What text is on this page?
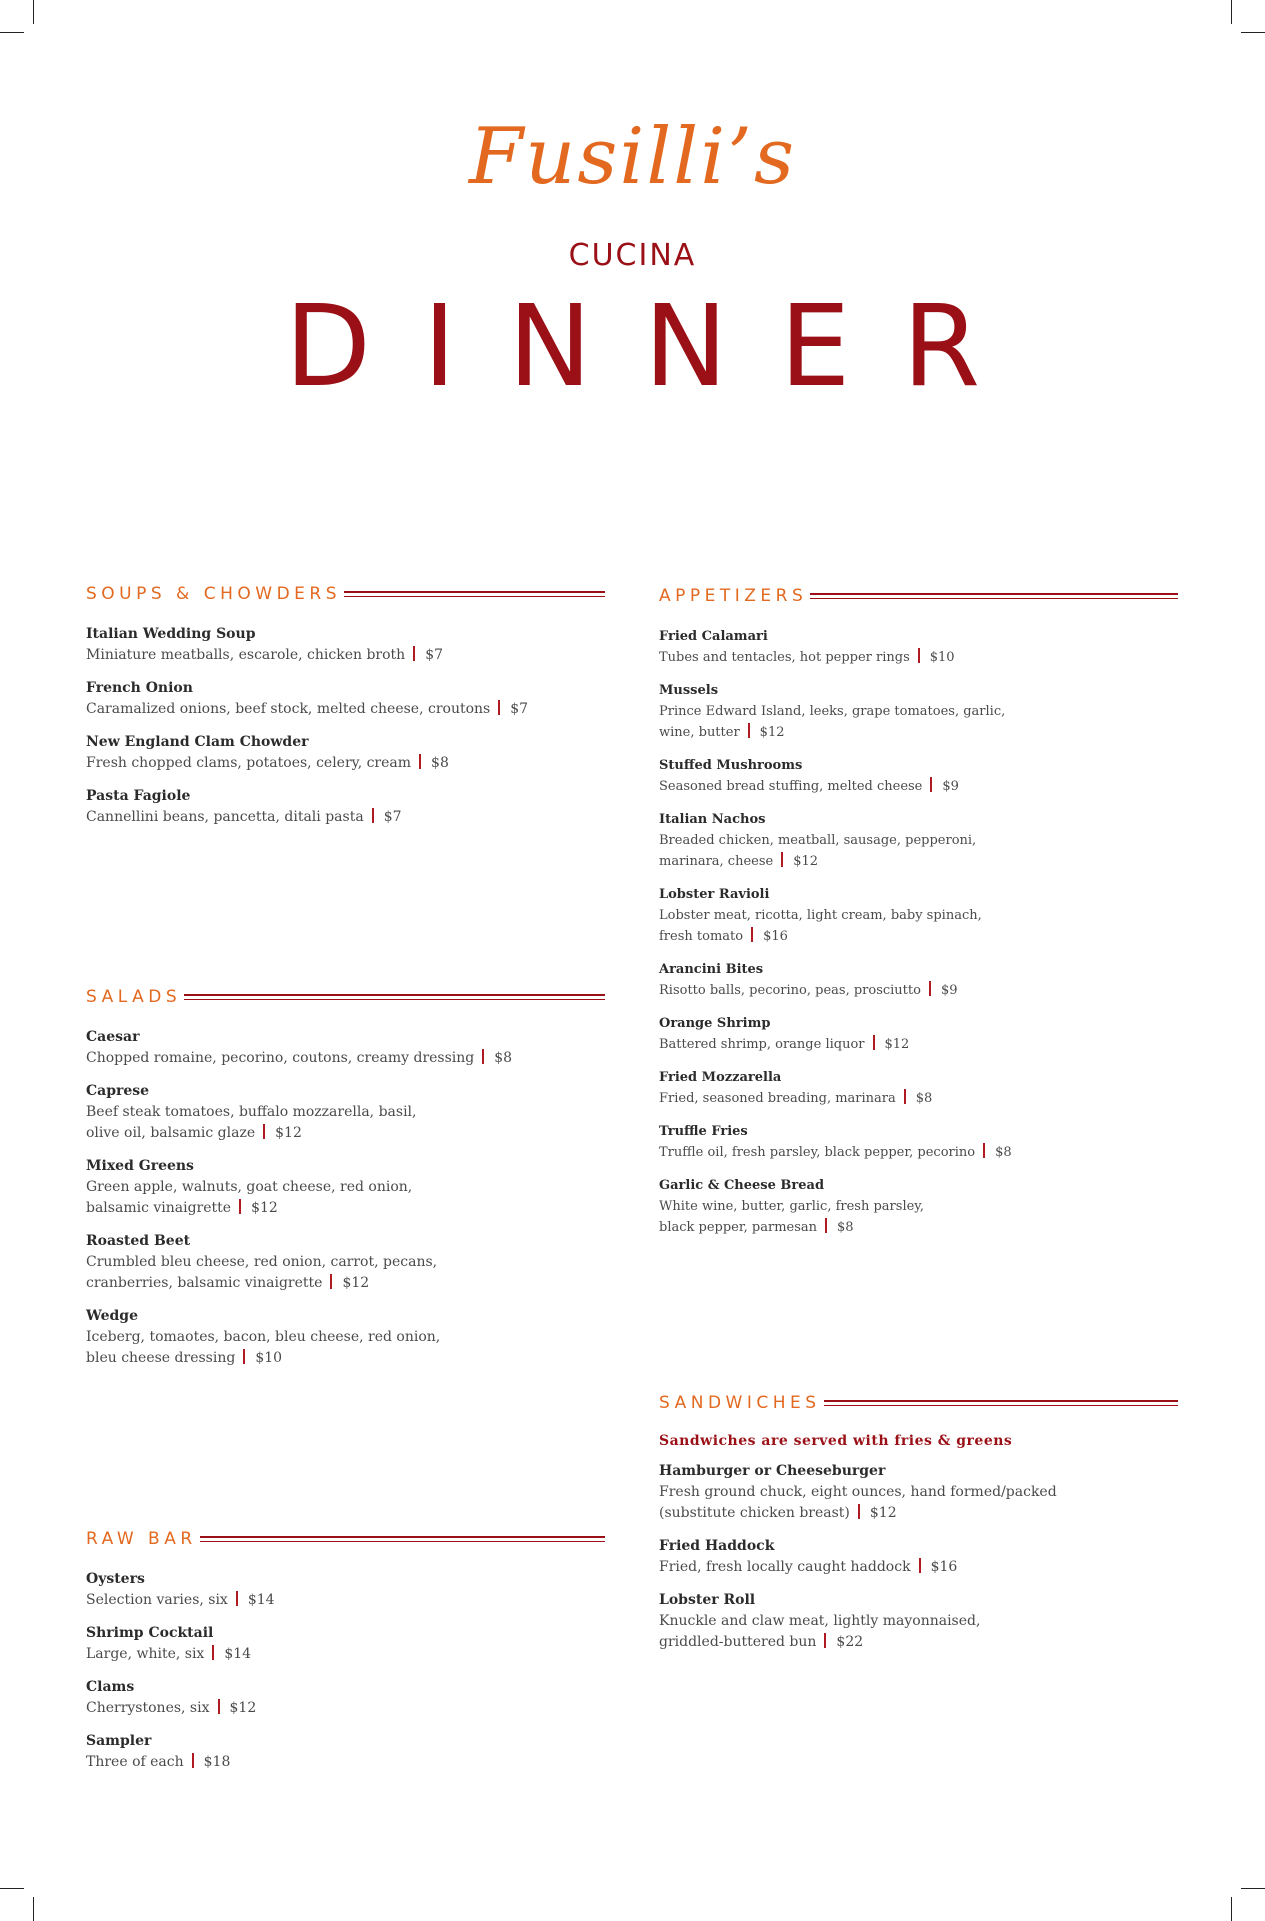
Fusilli’s
CUCINA
DINNER
SOUPS & CHOWDERS
Italian Wedding Soup
Miniature meatballs, escarole, chicken broth $7
French Onion
Caramalized onions, beef stock, melted cheese, croutons $7
New England Clam Chowder
Fresh chopped clams, potatoes, celery, cream $8
Pasta Fagiole
Cannellini beans, pancetta, ditali pasta $7
SALADS
Caesar
Chopped romaine, pecorino, coutons, creamy dressing $8
Caprese
Beef steak tomatoes, buffalo mozzarella, basil,
olive oil, balsamic glaze $12
Mixed Greens
Green apple, walnuts, goat cheese, red onion,
balsamic vinaigrette $12
Roasted Beet
Crumbled bleu cheese, red onion, carrot, pecans,
cranberries, balsamic vinaigrette $12
Wedge
Iceberg, tomaotes, bacon, bleu cheese, red onion,
bleu cheese dressing $10
RAW BAR
Oysters
Selection varies, six $14
Shrimp Cocktail
Large, white, six $14
Clams
Cherrystones, six $12
Sampler
Three of each $18
APPETIZERS
Fried Calamari
Tubes and tentacles, hot pepper rings $10
Mussels
Prince Edward Island, leeks, grape tomatoes, garlic,
wine, butter $12
Stuffed Mushrooms
Seasoned bread stuffing, melted cheese $9
Italian Nachos
Breaded chicken, meatball, sausage, pepperoni,
marinara, cheese $12
Lobster Ravioli
Lobster meat, ricotta, light cream, baby spinach,
fresh tomato $16
Arancini Bites
Risotto balls, pecorino, peas, prosciutto $9
Orange Shrimp
Battered shrimp, orange liquor $12
Fried Mozzarella
Fried, seasoned breading, marinara $8
Truffle Fries
Truffle oil, fresh parsley, black pepper, pecorino $8
Garlic & Cheese Bread
White wine, butter, garlic, fresh parsley,
black pepper, parmesan $8
SANDWICHES
Sandwiches are served with fries & greens
Hamburger or Cheeseburger
Fresh ground chuck, eight ounces, hand formed/packed
(substitute chicken breast) $12
Fried Haddock
Fried, fresh locally caught haddock $16
Lobster Roll
Knuckle and claw meat, lightly mayonnaised,
griddled-buttered bun $22
